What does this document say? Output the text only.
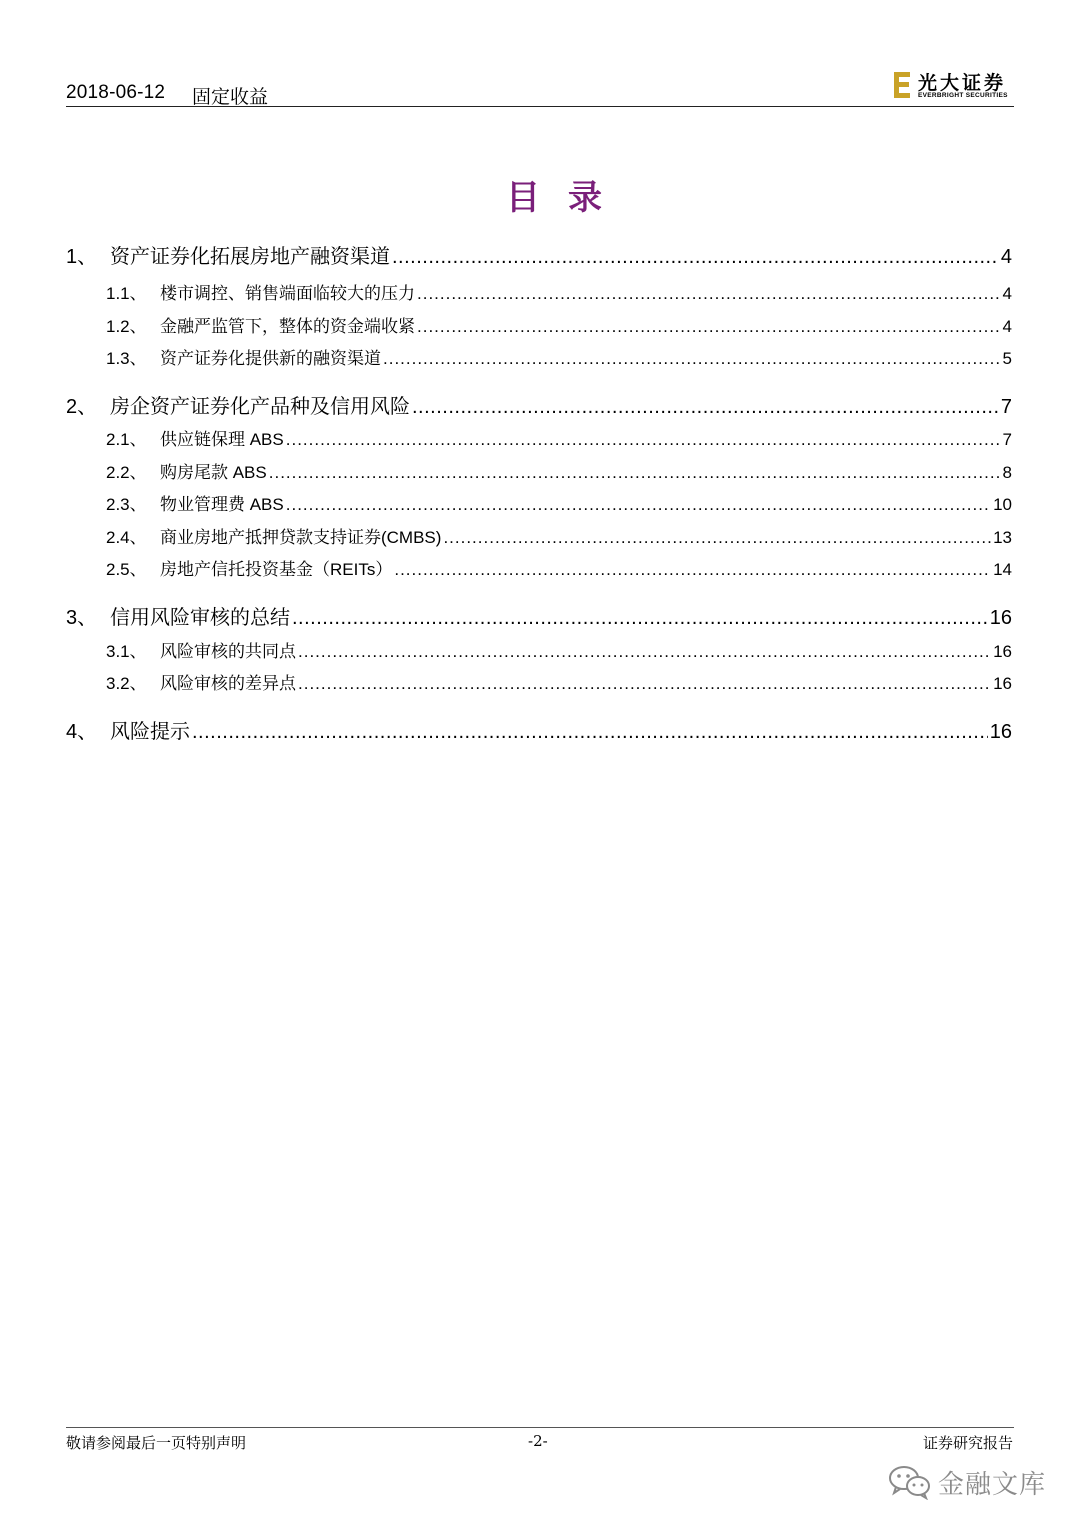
2018-06-12 固定收益
光大证券
EVERBRIGHT SECURITIES
目录
1、 资产证券化拓展房地产融资渠道 .....	4
1.1、 楼市调控、销售端面临较大的压力 .....	4
1.2、 金融严监管下，整体的资金端收紧 .....	4
1.3、 资产证券化提供新的融资渠道 .....	5
2、 房企资产证券化产品种及信用风险 .....	7
2.1、 供应链保理 ABS .....	7
2.2、 购房尾款 ABS .....	8
2.3、 物业管理费 ABS .....	10
2.4、 商业房地产抵押贷款支持证券(CMBS) .....	13
2.5、 房地产信托投资基金（REITs） .....	14
3、 信用风险审核的总结 .....	16
3.1、 风险审核的共同点 .....	16
3.2、 风险审核的差异点 .....	16
4、 风险提示 .....	16
敬请参阅最后一页特别声明	-2-	证券研究报告
金融文库
